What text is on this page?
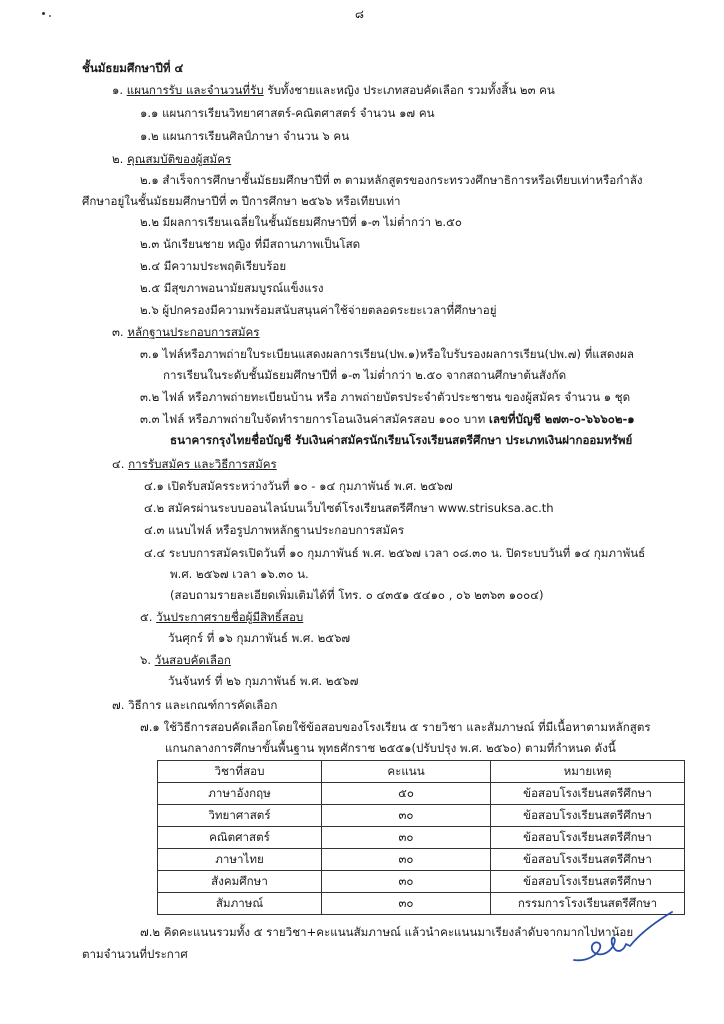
๘
ชั้นมัธยมศึกษาปีที่ ๔
๑. แผนการรับ และจำนวนที่รับ รับทั้งชายและหญิง ประเภทสอบคัดเลือก รวมทั้งสิ้น ๒๓ คน
๑.๑ แผนการเรียนวิทยาศาสตร์-คณิตศาสตร์ จำนวน ๑๗ คน
๑.๒ แผนการเรียนศิลป์ภาษา จำนวน ๖ คน
๒. คุณสมบัติของผู้สมัคร
๒.๑ สำเร็จการศึกษาชั้นมัธยมศึกษาปีที่ ๓ ตามหลักสูตรของกระทรวงศึกษาธิการหรือเทียบเท่าหรือกำลัง
ศึกษาอยู่ในชั้นมัธยมศึกษาปีที่ ๓ ปีการศึกษา ๒๕๖๖ หรือเทียบเท่า
๒.๒ มีผลการเรียนเฉลี่ยในชั้นมัธยมศึกษาปีที่ ๑-๓ ไม่ต่ำกว่า ๒.๕๐
๒.๓ นักเรียนชาย หญิง ที่มีสถานภาพเป็นโสด
๒.๔ มีความประพฤติเรียบร้อย
๒.๕ มีสุขภาพอนามัยสมบูรณ์แข็งแรง
๒.๖ ผู้ปกครองมีความพร้อมสนับสนุนค่าใช้จ่ายตลอดระยะเวลาที่ศึกษาอยู่
๓. หลักฐานประกอบการสมัคร
๓.๑ ไฟล์หรือภาพถ่ายใบระเบียนแสดงผลการเรียน(ปพ.๑)หรือใบรับรองผลการเรียน(ปพ.๗) ที่แสดงผล
การเรียนในระดับชั้นมัธยมศึกษาปีที่ ๑-๓ ไม่ต่ำกว่า ๒.๕๐ จากสถานศึกษาต้นสังกัด
๓.๒ ไฟล์ หรือภาพถ่ายทะเบียนบ้าน หรือ ภาพถ่ายบัตรประจำตัวประชาชน ของผู้สมัคร จำนวน ๑ ชุด
๓.๓ ไฟล์ หรือภาพถ่ายใบจัดทำรายการโอนเงินค่าสมัครสอบ ๑๐๐ บาท เลขที่บัญชี ๒๗๓-๐-๖๖๖๐๒-๑
ธนาคารกรุงไทยชื่อบัญชี รับเงินค่าสมัครนักเรียนโรงเรียนสตรีศึกษา ประเภทเงินฝากออมทรัพย์
๔. การรับสมัคร และวิธีการสมัคร
๔.๑ เปิดรับสมัครระหว่างวันที่ ๑๐ - ๑๔ กุมภาพันธ์ พ.ศ. ๒๕๖๗
๔.๒ สมัครผ่านระบบออนไลน์บนเว็บไซต์โรงเรียนสตรีศึกษา www.strisuksa.ac.th
๔.๓ แนบไฟล์ หรือรูปภาพหลักฐานประกอบการสมัคร
๔.๔ ระบบการสมัครเปิดวันที่ ๑๐ กุมภาพันธ์ พ.ศ. ๒๕๖๗ เวลา ๐๘.๓๐ น. ปิดระบบวันที่ ๑๔ กุมภาพันธ์
พ.ศ. ๒๕๖๗ เวลา ๑๖.๓๐ น.
(สอบถามรายละเอียดเพิ่มเติมได้ที่ โทร. ๐ ๔๓๕๑ ๕๔๑๐ , ๐๖ ๒๓๖๓ ๑๐๐๔)
๕. วันประกาศรายชื่อผู้มีสิทธิ์สอบ
วันศุกร์ ที่ ๑๖ กุมภาพันธ์ พ.ศ. ๒๕๖๗
๖. วันสอบคัดเลือก
วันจันทร์ ที่ ๒๖ กุมภาพันธ์ พ.ศ. ๒๕๖๗
๗. วิธีการ และเกณฑ์การคัดเลือก
๗.๑ ใช้วิธีการสอบคัดเลือกโดยใช้ข้อสอบของโรงเรียน ๕ รายวิชา และสัมภาษณ์ ที่มีเนื้อหาตามหลักสูตร
แกนกลางการศึกษาขั้นพื้นฐาน พุทธศักราช ๒๕๕๑(ปรับปรุง พ.ศ. ๒๕๖๐) ตามที่กำหนด ดังนี้
วิชาที่สอบ	คะแนน	หมายเหตุ
ภาษาอังกฤษ	๕๐	ข้อสอบโรงเรียนสตรีศึกษา
วิทยาศาสตร์	๓๐	ข้อสอบโรงเรียนสตรีศึกษา
คณิตศาสตร์	๓๐	ข้อสอบโรงเรียนสตรีศึกษา
ภาษาไทย	๓๐	ข้อสอบโรงเรียนสตรีศึกษา
สังคมศึกษา	๓๐	ข้อสอบโรงเรียนสตรีศึกษา
สัมภาษณ์	๓๐	กรรมการโรงเรียนสตรีศึกษา
๗.๒ คิดคะแนนรวมทั้ง ๕ รายวิชา+คะแนนสัมภาษณ์ แล้วนำคะแนนมาเรียงลำดับจากมากไปหาน้อย
ตามจำนวนที่ประกาศ
